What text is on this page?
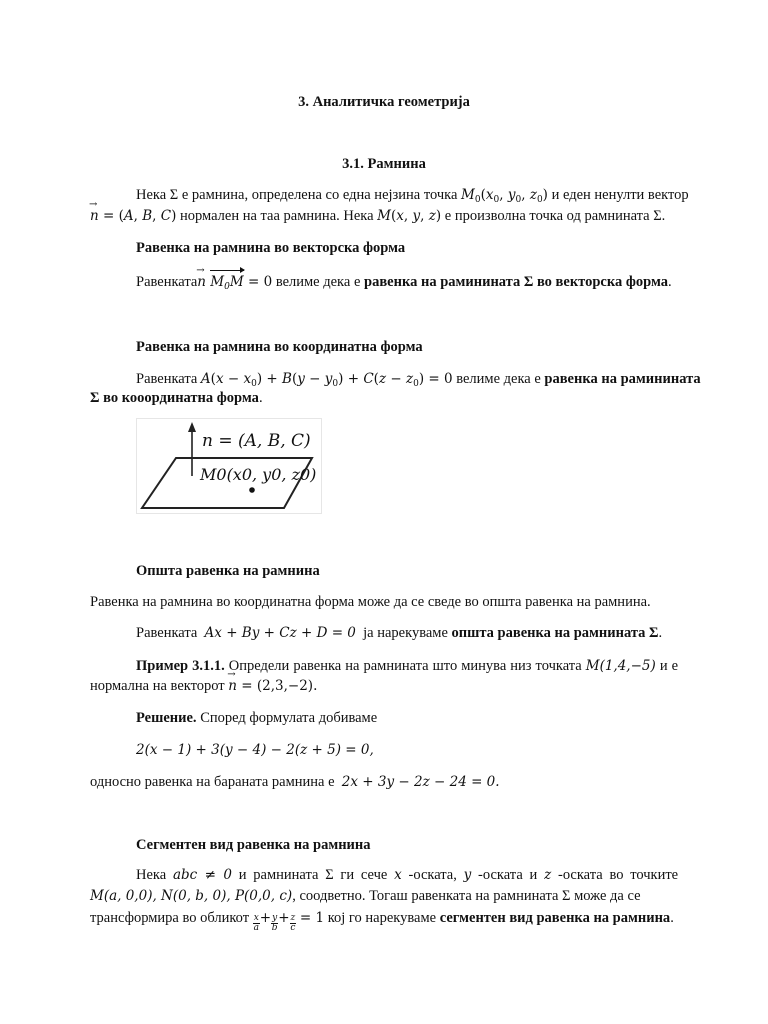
3. Аналитичка геометрија
3.1. Рамнина
Нека Σ е рамнина, определена со една нејзина точка $M_0(x_0$, $y_0$, $z_0$) и еден ненулти вектор
→ n = (A, B, C) нормален на таа рамнина. Нека M(x, y, z) е произволна точка од рамнината Σ.
Равенка на рамнина во векторска форма
Равенката→ n $M_0M = 0$ велиме дека е равенка на раминината Σ во векторска форма.
Равенка на рамнина во координатна форма
Равенката $A(x - x_0) + B(y - y_0) + C(z - z_0) = 0$ велиме дека е равенка на раминината
Σ во кооординатна форма.
n = (A, B, C)
M0(x0, y0, z0)
Општа равенка на рамнина
Равенка на рамнина во координатна форма може да се сведе во општа равенка на рамнина.
Равенката Ax + By + Cz + D = 0 ја нарекуваме општа равенка на рамнината Σ.
Пример 3.1.1. Определи равенка на рамнината што минува низ точката M(1,4,−5) и е
нормална на векторот → n = (2,3,−2).
Решение. Според формулата добиваме
2(x − 1) + 3(y − 4) − 2(z + 5) = 0,
односно равенка на бараната рамнина е 2x + 3y − 2z − 24 = 0.
Сегментен вид равенка на рамнина
Нека abc ≠ 0 и рамнината Σ ги сече x -оската, y -оската и z -оската во точките
M(a, 0,0), N(0, b, 0), P(0,0, c), соодветно. Тогаш равенката на рамнината Σ може да се
трансформира во обликот $\frac{x}{a} + \frac{y}{b} + \frac{z}{c} = 1$ кој го нарекуваме сегментен вид равенка на рамнина.
